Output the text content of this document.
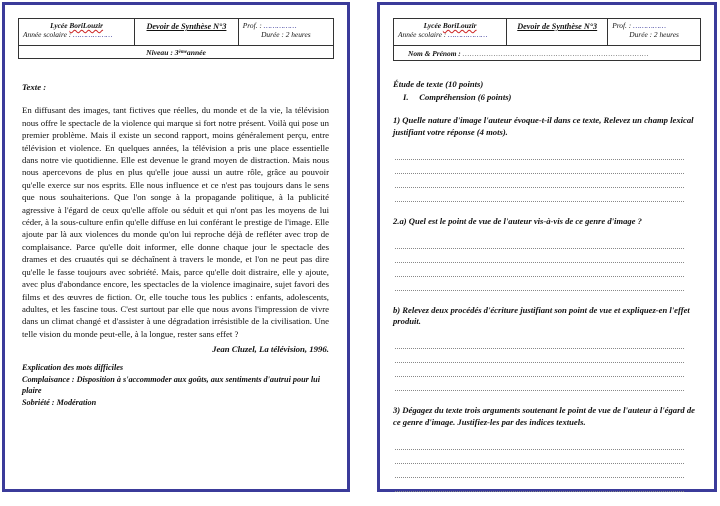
Lycée BoriLouzir
Année scolaire : ………………
Devoir de Synthèse N°3	Prof. : ……………
Durée : 2 heures
Niveau :
3 ème année
Texte :
En diffusant des images, tant fictives que réelles, du monde et de la vie, la télévision nous offre le spectacle de la violence qui marque si fort notre présent. Voilà qui pose un premier problème. Mais il existe un second rapport, moins généralement perçu, entre télévision et violence. En quelques années, la télévision a pris une place essentielle dans notre vie quotidienne. Elle est devenue le grand moyen de distraction. Mais nous nous apercevons de plus en plus qu'elle joue aussi un autre rôle, grâce au pouvoir qu'elle exerce sur nos esprits. Elle nous influence et ce n'est pas toujours dans le sens que nous souhaiterions. Que l'on songe à la propagande politique, à la publicité agressive à l'égard de ceux qu'elle affole ou séduit et qui n'ont pas les moyens de lui céder, à la sous-culture enfin qu'elle diffuse en lui conférant le prestige de l'image. Elle ajoute par là aux violences du monde qu'on lui reproche déjà de refléter avec trop de complaisance. Parce qu'elle doit informer, elle donne chaque jour le spectacle des drames et des cruautés qui se déchaînent à travers le monde, et l'on ne peut pas dire qu'elle le fasse toujours avec sobriété. Mais, parce qu'elle doit distraire, elle y ajoute, avec plus d'abondance encore, les spectacles de la violence imaginaire, sujet favori des films et des œuvres de fiction. Or, elle touche tous les publics : enfants, adolescents, adultes, et les fascine tous. C'est surtout par elle que nous avons l'impression de vivre dans un climat changé et d'assister à une dégradation irrésistible de la civilisation. Une telle vision du monde peut-elle, à la longue, rester sans effet ?
Jean Cluzel, La télévision, 1996.
Explication des mots difficiles
Complaisance : Disposition à s'accommoder aux goûts, aux sentiments d'autrui pour lui plaire
Sobriété : Modération
Lycée BoriLouzir
Année scolaire : ………………
Devoir de Synthèse N°3	Prof. : ……………
Durée : 2 heures
Nom & Prénom :
……………………………………………………………………
Étude de texte (10 points)
I. Compréhension (6 points)
1) Quelle nature d'image l'auteur évoque-t-il dans ce texte, Relevez un champ lexical justifiant votre réponse (4 mots).
2.a) Quel est le point de vue de l'auteur vis-à-vis de ce genre d'image ?
b) Relevez deux procédés d'écriture justifiant son point de vue et expliquez-en l'effet produit.
3) Dégagez du texte trois arguments soutenant le point de vue de l'auteur à l'égard de ce genre d'image. Justifiez-les par des indices textuels.
